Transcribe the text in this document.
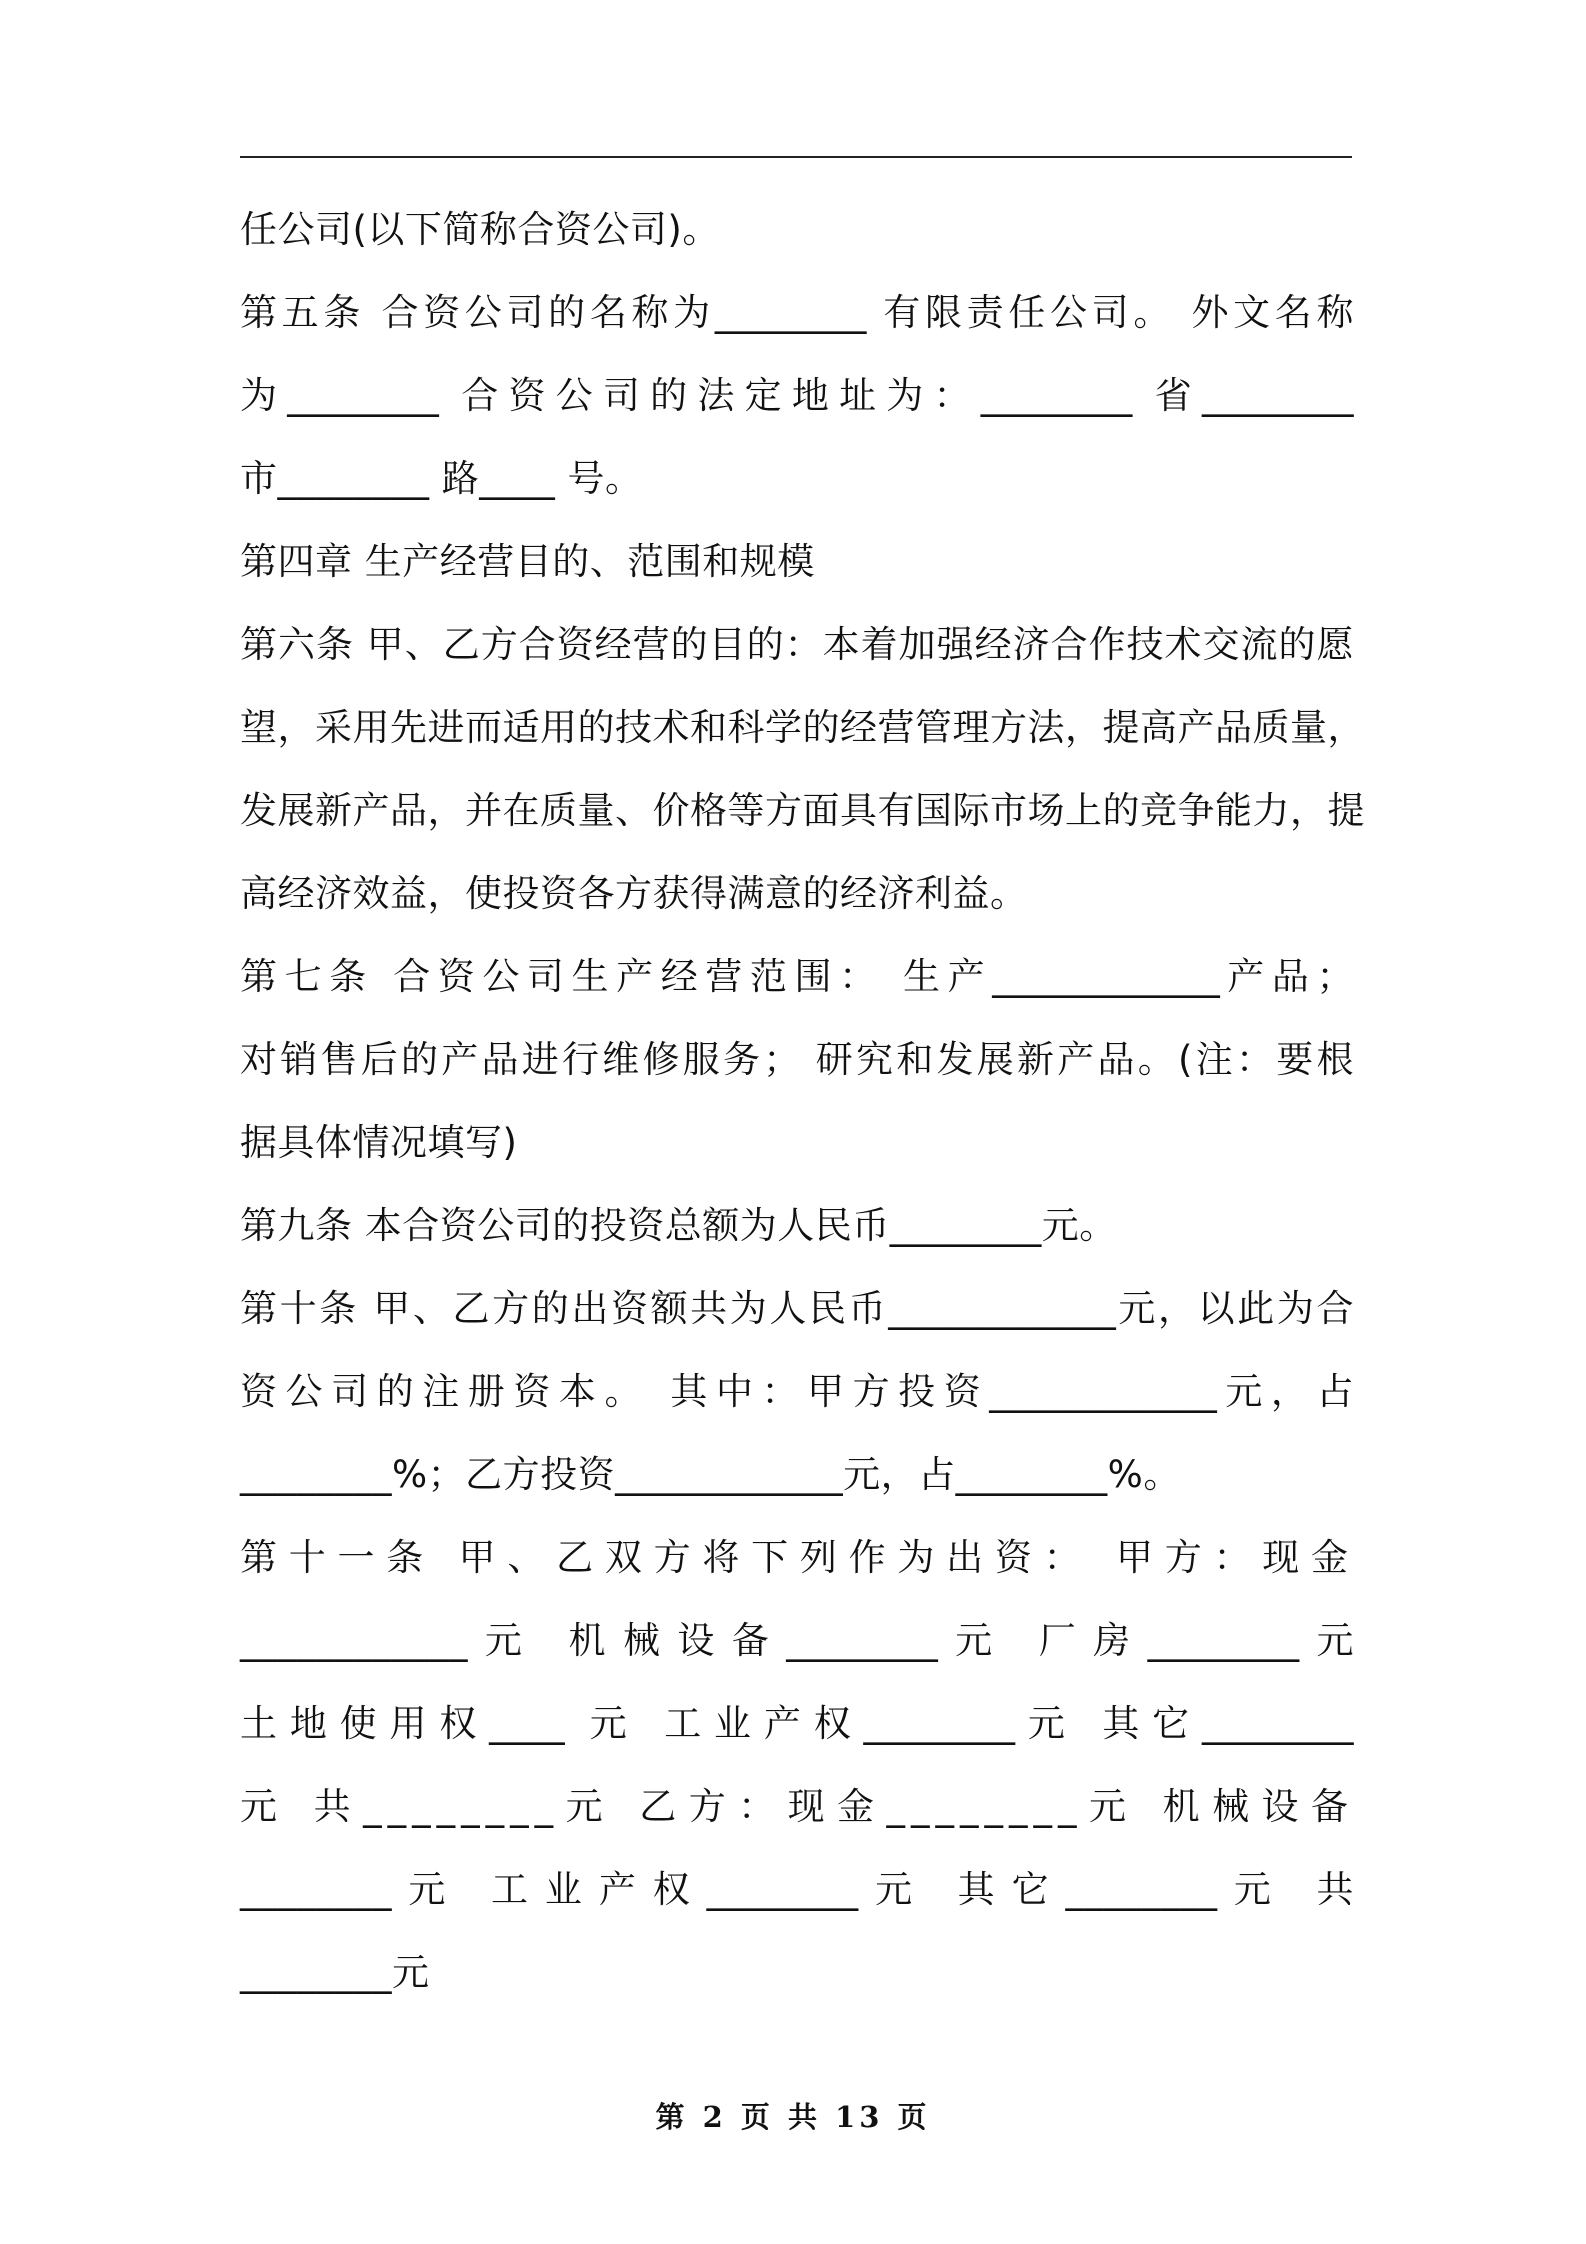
任公司(以下简称合资公司)。
第五条 合资公司的名称为________ 有限责任公司。 外文名称
为________ 合资公司的法定地址为：________ 省________
市________ 路____ 号。
第四章 生产经营目的、范围和规模
第六条 甲、乙方合资经营的目的：本着加强经济合作技术交流的愿
望，采用先进而适用的技术和科学的经营管理方法，提高产品质量，
发展新产品，并在质量、价格等方面具有国际市场上的竞争能力，提
高经济效益，使投资各方获得满意的经济利益。
第七条 合资公司生产经营范围： 生产____________产品；
对销售后的产品进行维修服务； 研究和发展新产品。(注：要根
据具体情况填写)
第九条 本合资公司的投资总额为人民币________元。
第十条 甲、乙方的出资额共为人民币____________元，以此为合
资公司的注册资本。 其中：甲方投资____________元，占
________%；乙方投资____________元，占________%。
第十一条 甲、乙双方将下列作为出资： 甲方：现金
____________元 机械设备________元 厂房________元
土地使用权____ 元 工业产权________元 其它________
元 共________元 乙方：现金________元 机械设备
________元 工业产权________元 其它________元 共
________元
第 2 页 共 13 页
